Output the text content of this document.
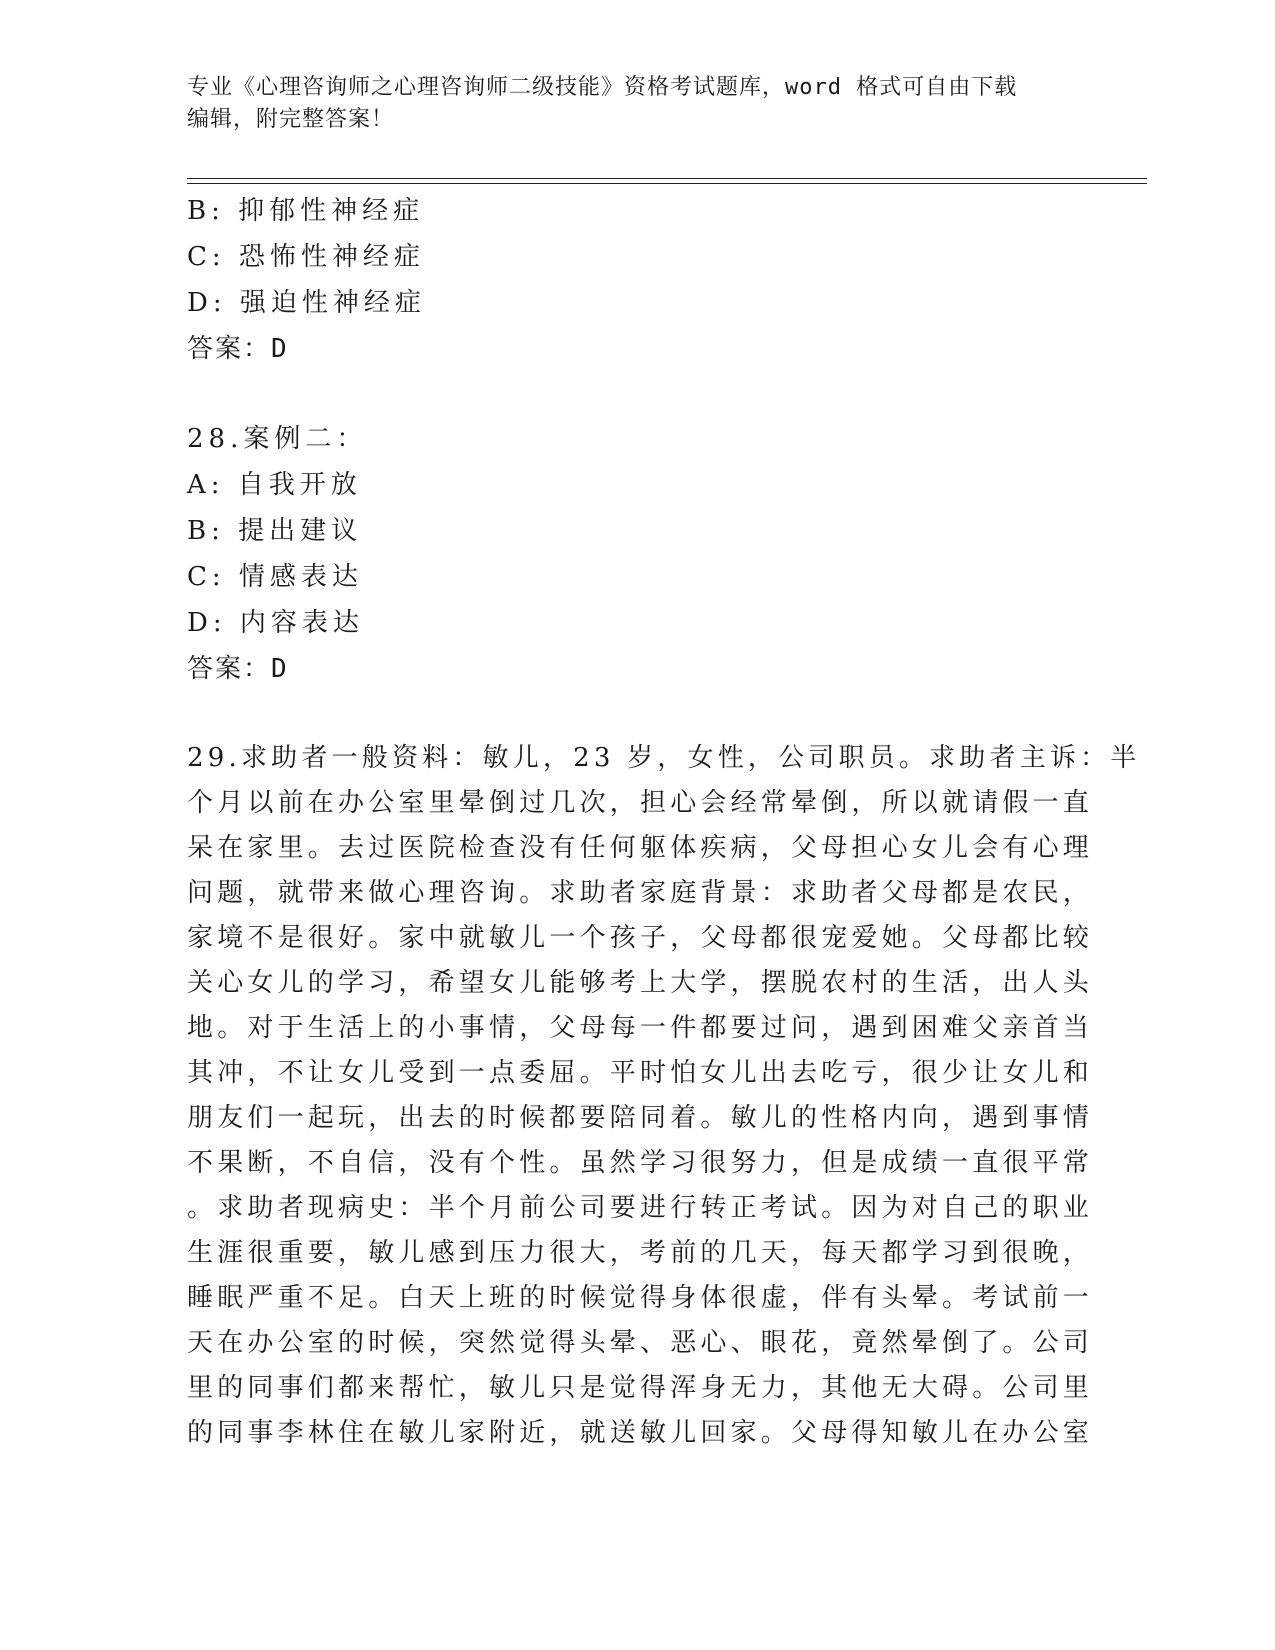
专业《心理咨询师之心理咨询师二级技能》资格考试题库，word 格式可自由下载
编辑，附完整答案！
B: 抑郁性神经症
C: 恐怖性神经症
D: 强迫性神经症
答案：D
28.案例二：
A: 自我开放
B: 提出建议
C: 情感表达
D: 内容表达
答案：D
29.求助者一般资料：敏儿，23 岁，女性，公司职员。求助者主诉：半
个月以前在办公室里晕倒过几次，担心会经常晕倒，所以就请假一直
呆在家里。去过医院检查没有任何躯体疾病，父母担心女儿会有心理
问题，就带来做心理咨询。求助者家庭背景：求助者父母都是农民，
家境不是很好。家中就敏儿一个孩子，父母都很宠爱她。父母都比较
关心女儿的学习，希望女儿能够考上大学，摆脱农村的生活，出人头
地。对于生活上的小事情，父母每一件都要过问，遇到困难父亲首当
其冲，不让女儿受到一点委屈。平时怕女儿出去吃亏，很少让女儿和
朋友们一起玩，出去的时候都要陪同着。敏儿的性格内向，遇到事情
不果断，不自信，没有个性。虽然学习很努力，但是成绩一直很平常
。求助者现病史：半个月前公司要进行转正考试。因为对自己的职业
生涯很重要，敏儿感到压力很大，考前的几天，每天都学习到很晚，
睡眠严重不足。白天上班的时候觉得身体很虚，伴有头晕。考试前一
天在办公室的时候，突然觉得头晕、恶心、眼花，竟然晕倒了。公司
里的同事们都来帮忙，敏儿只是觉得浑身无力，其他无大碍。公司里
的同事李林住在敏儿家附近，就送敏儿回家。父母得知敏儿在办公室
